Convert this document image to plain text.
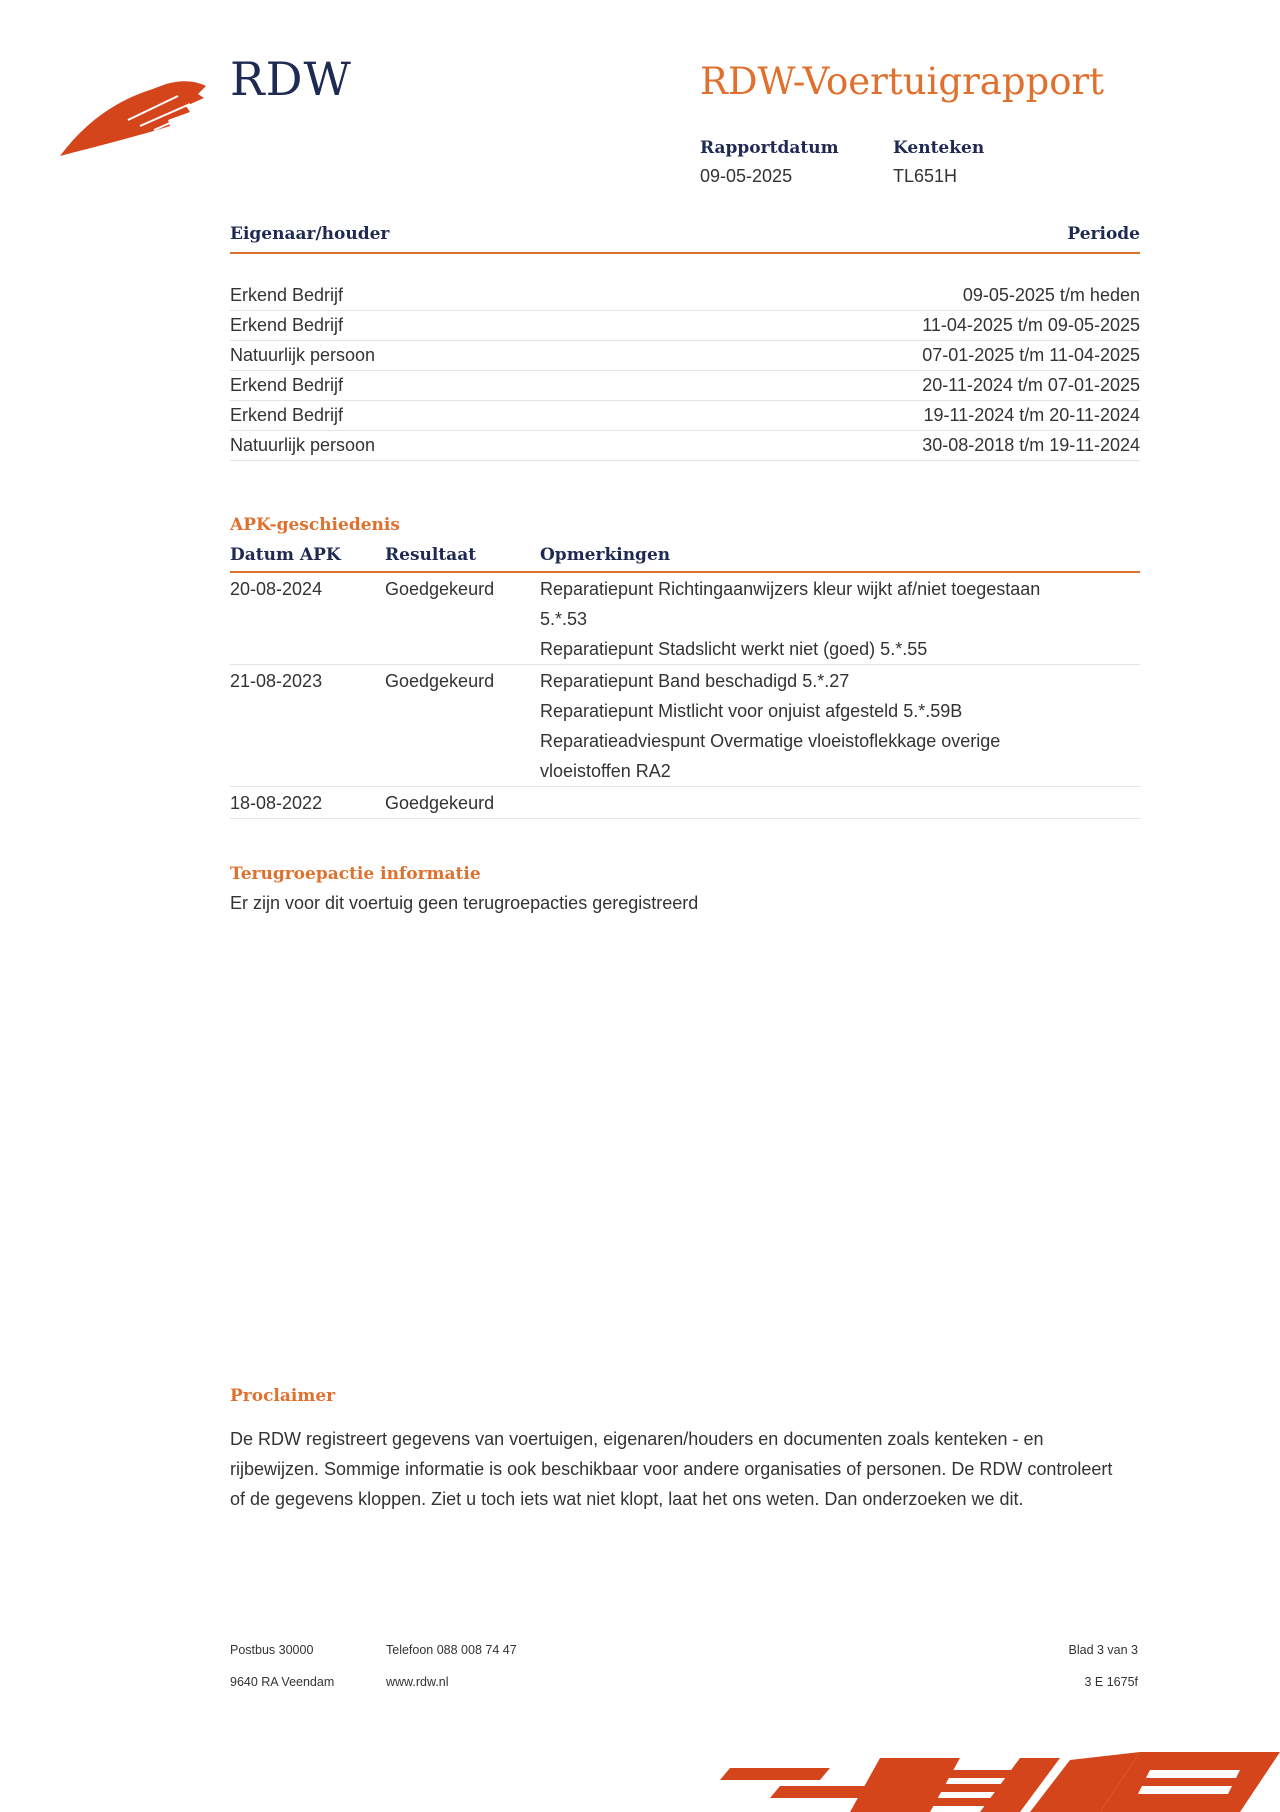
RDW	RDW-Voertuigrapport
Rapportdatum
09-05-2025
Kenteken
TL651H
Eigenaar/houder	Periode
Erkend Bedrijf	09-05-2025 t/m heden
Erkend Bedrijf	11-04-2025 t/m 09-05-2025
Natuurlijk persoon	07-01-2025 t/m 11-04-2025
Erkend Bedrijf	20-11-2024 t/m 07-01-2025
Erkend Bedrijf	19-11-2024 t/m 20-11-2024
Natuurlijk persoon	30-08-2018 t/m 19-11-2024
APK-geschiedenis
Datum APK	Resultaat	Opmerkingen
20-08-2024	Goedgekeurd	Reparatiepunt Richtingaanwijzers kleur wijkt af/niet toegestaan
5.*.53
Reparatiepunt Stadslicht werkt niet (goed) 5.*.55
21-08-2023	Goedgekeurd	Reparatiepunt Band beschadigd 5.*.27
Reparatiepunt Mistlicht voor onjuist afgesteld 5.*.59B
Reparatieadviespunt Overmatige vloeistoflekkage overige
vloeistoffen RA2
18-08-2022	Goedgekeurd
Terugroepactie informatie
Er zijn voor dit voertuig geen terugroepacties geregistreerd
Proclaimer
De RDW registreert gegevens van voertuigen, eigenaren/houders en documenten zoals kenteken - en rijbewijzen. Sommige informatie is ook beschikbaar voor andere organisaties of personen. De RDW controleert of de gegevens kloppen. Ziet u toch iets wat niet klopt, laat het ons weten. Dan onderzoeken we dit.
Postbus 30000
9640 RA Veendam
Telefoon 088 008 74 47
www.rdw.nl
Blad 3 van 3
3 E 1675f
